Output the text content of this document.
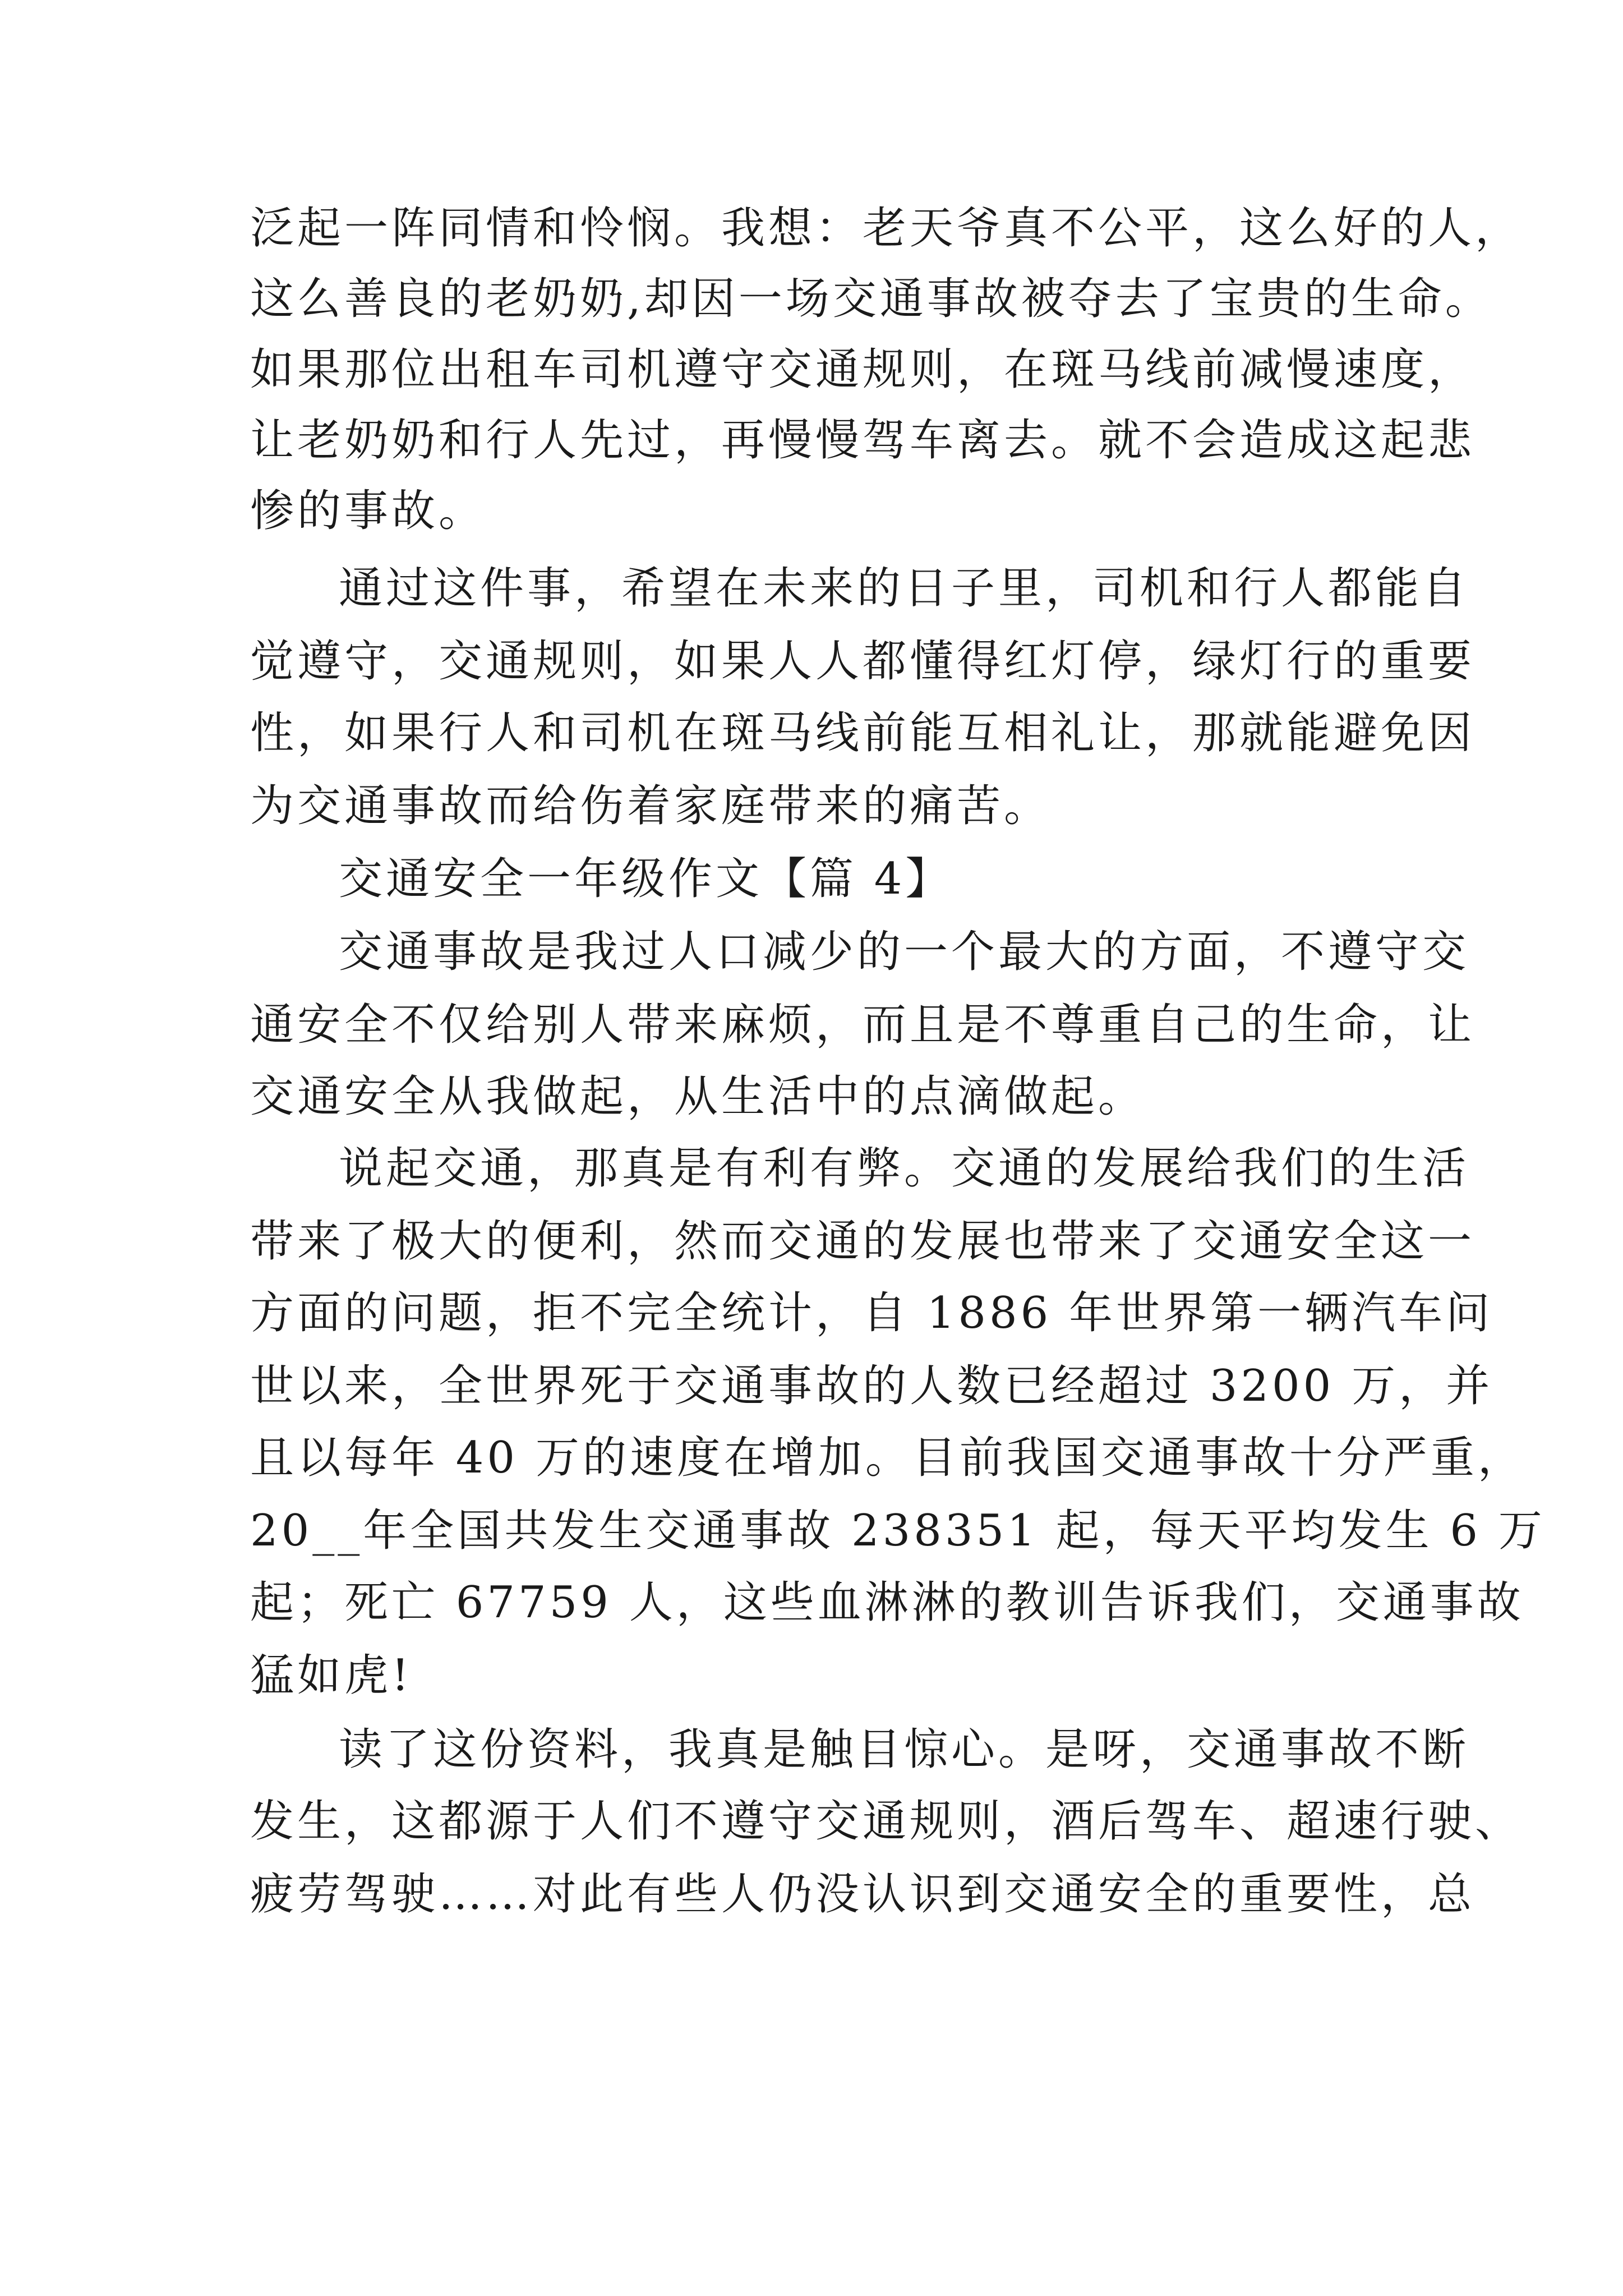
泛起一阵同情和怜悯。我想：老天爷真不公平，这么好的人，
这么善良的老奶奶,却因一场交通事故被夺去了宝贵的生命。
如果那位出租车司机遵守交通规则，在斑马线前减慢速度，
让老奶奶和行人先过，再慢慢驾车离去。就不会造成这起悲
惨的事故。
通过这件事，希望在未来的日子里，司机和行人都能自
觉遵守，交通规则，如果人人都懂得红灯停，绿灯行的重要
性，如果行人和司机在斑马线前能互相礼让，那就能避免因
为交通事故而给伤着家庭带来的痛苦。
交通安全一年级作文【篇 4】
交通事故是我过人口减少的一个最大的方面，不遵守交
通安全不仅给别人带来麻烦，而且是不尊重自己的生命，让
交通安全从我做起，从生活中的点滴做起。
说起交通，那真是有利有弊。交通的发展给我们的生活
带来了极大的便利，然而交通的发展也带来了交通安全这一
方面的问题，拒不完全统计，自 1886 年世界第一辆汽车问
世以来，全世界死于交通事故的人数已经超过 3200 万，并
且以每年 40 万的速度在增加。目前我国交通事故十分严重，
20__年全国共发生交通事故 238351 起，每天平均发生 6 万
起；死亡 67759 人，这些血淋淋的教训告诉我们，交通事故
猛如虎!
读了这份资料，我真是触目惊心。是呀，交通事故不断
发生，这都源于人们不遵守交通规则，酒后驾车、超速行驶、
疲劳驾驶……对此有些人仍没认识到交通安全的重要性，总
